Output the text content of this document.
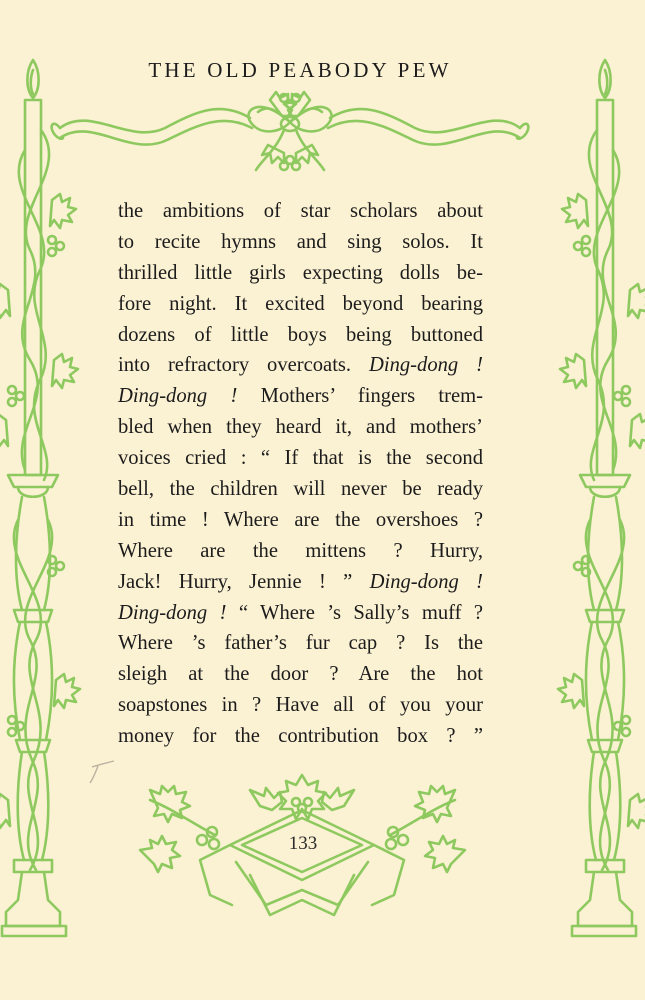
THE OLD PEABODY PEW
the ambitions of star scholars about
to recite hymns and sing solos. It
thrilled little girls expecting dolls be-
fore night. It excited beyond bearing
dozens of little boys being buttoned
into refractory overcoats. Ding-dong !
Ding-dong ! Mothers’ fingers trem-
bled when they heard it, and mothers’
voices cried : “ If that is the second
bell, the children will never be ready
in time ! Where are the overshoes ?
Where are the mittens ? Hurry,
Jack! Hurry, Jennie ! ” Ding-dong !
Ding-dong ! “ Where ’s Sally’s muff ?
Where ’s father’s fur cap ? Is the
sleigh at the door ? Are the hot
soapstones in ? Have all of you your
money for the contribution box ? ”
133
